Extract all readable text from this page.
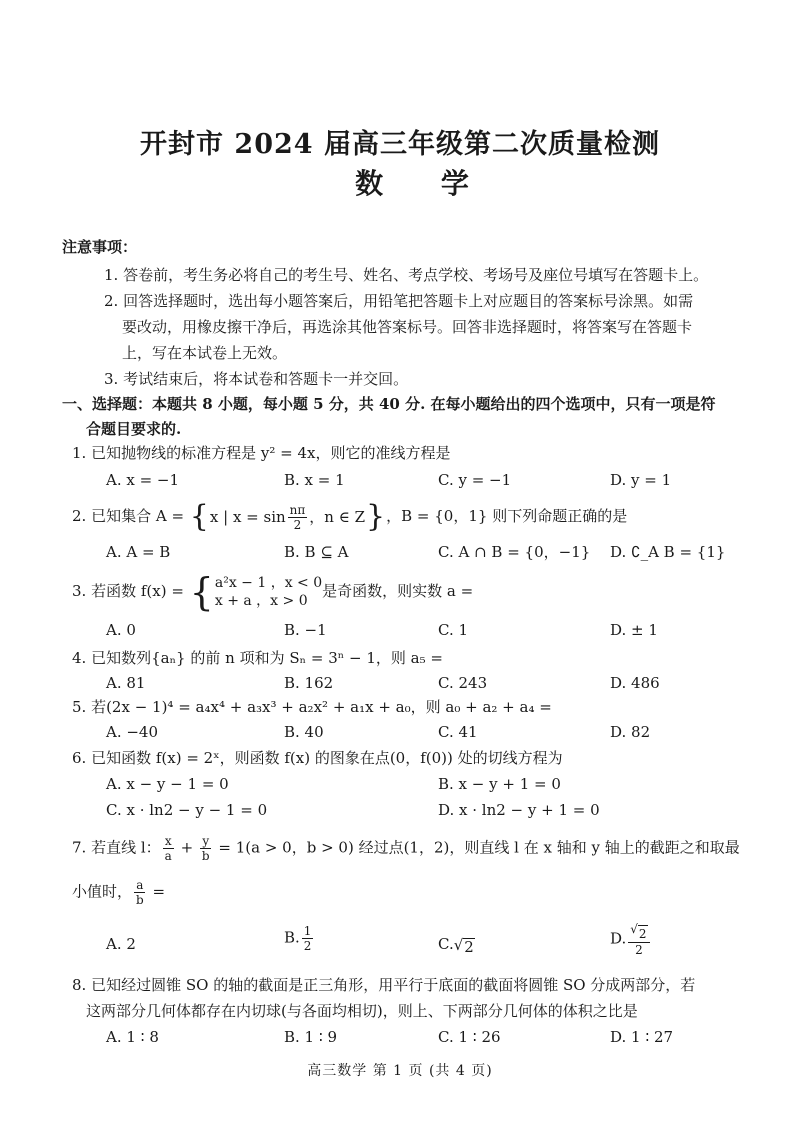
开封市 2024 届高三年级第二次质量检测
数 学
注意事项：
1. 答卷前，考生务必将自己的考生号、姓名、考点学校、考场号及座位号填写在答题卡上。
2. 回答选择题时，选出每小题答案后，用铅笔把答题卡上对应题目的答案标号涂黑。如需
要改动，用橡皮擦干净后，再选涂其他答案标号。回答非选择题时，将答案写在答题卡
上，写在本试卷上无效。
3. 考试结束后，将本试卷和答题卡一并交回。
一、选择题：本题共 8 小题，每小题 5 分，共 40 分. 在每小题给出的四个选项中，只有一项是符
合题目要求的.
1. 已知抛物线的标准方程是 y² = 4x，则它的准线方程是
A. x = −1	B. x = 1	C. y = −1	D. y = 1
2. 已知集合 A = { x | $x = \sin \frac{n\pi}{2}$ ，n ∈ Z } ，B = {0，1} 则下列命题正确的是
A. A = B	B. B ⊆ A	C. A ∩ B = {0，−1} D. ∁_A B = {1}
3. 若函数 f(x) = { a²x − 1 ，x < 0
x + a ，x > 0
是奇函数，则实数 a =
A. 0	B. −1	C. 1	D. ± 1
4. 已知数列{aₙ} 的前 n 项和为 Sₙ = 3ⁿ − 1，则 a₅ =
A. 81	B. 162	C. 243	D. 486
5. 若(2x − 1)⁴ = a₄x⁴ + a₃x³ + a₂x² + a₁x + a₀，则 a₀ + a₂ + a₄ =
A. −40	B. 40	C. 41	D. 82
6. 已知函数 f(x) = 2ˣ，则函数 f(x) 的图象在点(0，f(0)) 处的切线方程为
A. x − y − 1 = 0	B. x − y + 1 = 0
C. x · ln2 − y − 1 = 0	D. x · ln2 − y + 1 = 0
7. 若直线 l： $\frac{x}{a} + \frac{y}{b} = 1(a > 0$，b > 0) 经过点(1，2)，则直线 l 在 x 轴和 y 轴上的截距之和取最
小值时， $\frac{a}{b}$ =
A. 2	B. $\frac{1}{2}$	C. √ 2	D. $\frac{√ 2}{2}$
8. 已知经过圆锥 SO 的轴的截面是正三角形，用平行于底面的截面将圆锥 SO 分成两部分，若
这两部分几何体都存在内切球(与各面均相切)，则上、下两部分几何体的体积之比是
A. 1 ∶ 8	B. 1 ∶ 9	C. 1 ∶ 26	D. 1 ∶ 27
高三数学 第 1 页 (共 4 页)
